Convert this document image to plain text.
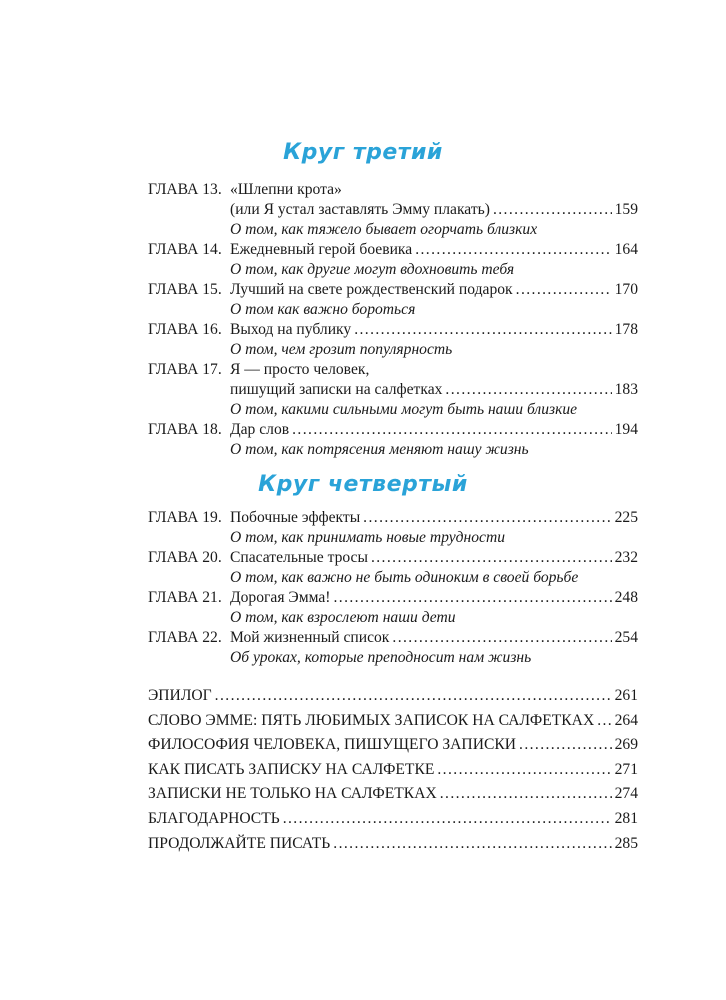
Круг третий
ГЛАВА 13. «Шлепни крота»
(или Я устал заставлять Эмму плакать) .....	159
О том, как тяжело бывает огорчать близких
ГЛАВА 14. Ежедневный герой боевика .....	164
О том, как другие могут вдохновить тебя
ГЛАВА 15. Лучший на свете рождественский подарок .....	170
О том как важно бороться
ГЛАВА 16. Выход на публику .....	178
О том, чем грозит популярность
ГЛАВА 17. Я — просто человек,
пишущий записки на салфетках .....	183
О том, какими сильными могут быть наши близкие
ГЛАВА 18. Дар слов .....	194
О том, как потрясения меняют нашу жизнь
Круг четвертый
ГЛАВА 19. Побочные эффекты .....	225
О том, как принимать новые трудности
ГЛАВА 20. Спасательные тросы .....	232
О том, как важно не быть одиноким в своей борьбе
ГЛАВА 21. Дорогая Эмма! .....	248
О том, как взрослеют наши дети
ГЛАВА 22. Мой жизненный список .....	254
Об уроках, которые преподносит нам жизнь
ЭПИЛОГ .....	261
СЛОВО ЭММЕ: ПЯТЬ ЛЮБИМЫХ ЗАПИСОК НА САЛФЕТКАХ ..... 264
ФИЛОСОФИЯ ЧЕЛОВЕКА, ПИШУЩЕГО ЗАПИСКИ .....	269
КАК ПИСАТЬ ЗАПИСКУ НА САЛФЕТКЕ .....	271
ЗАПИСКИ НЕ ТОЛЬКО НА САЛФЕТКАХ .....	274
БЛАГОДАРНОСТЬ .....	281
ПРОДОЛЖАЙТЕ ПИСАТЬ .....	285
